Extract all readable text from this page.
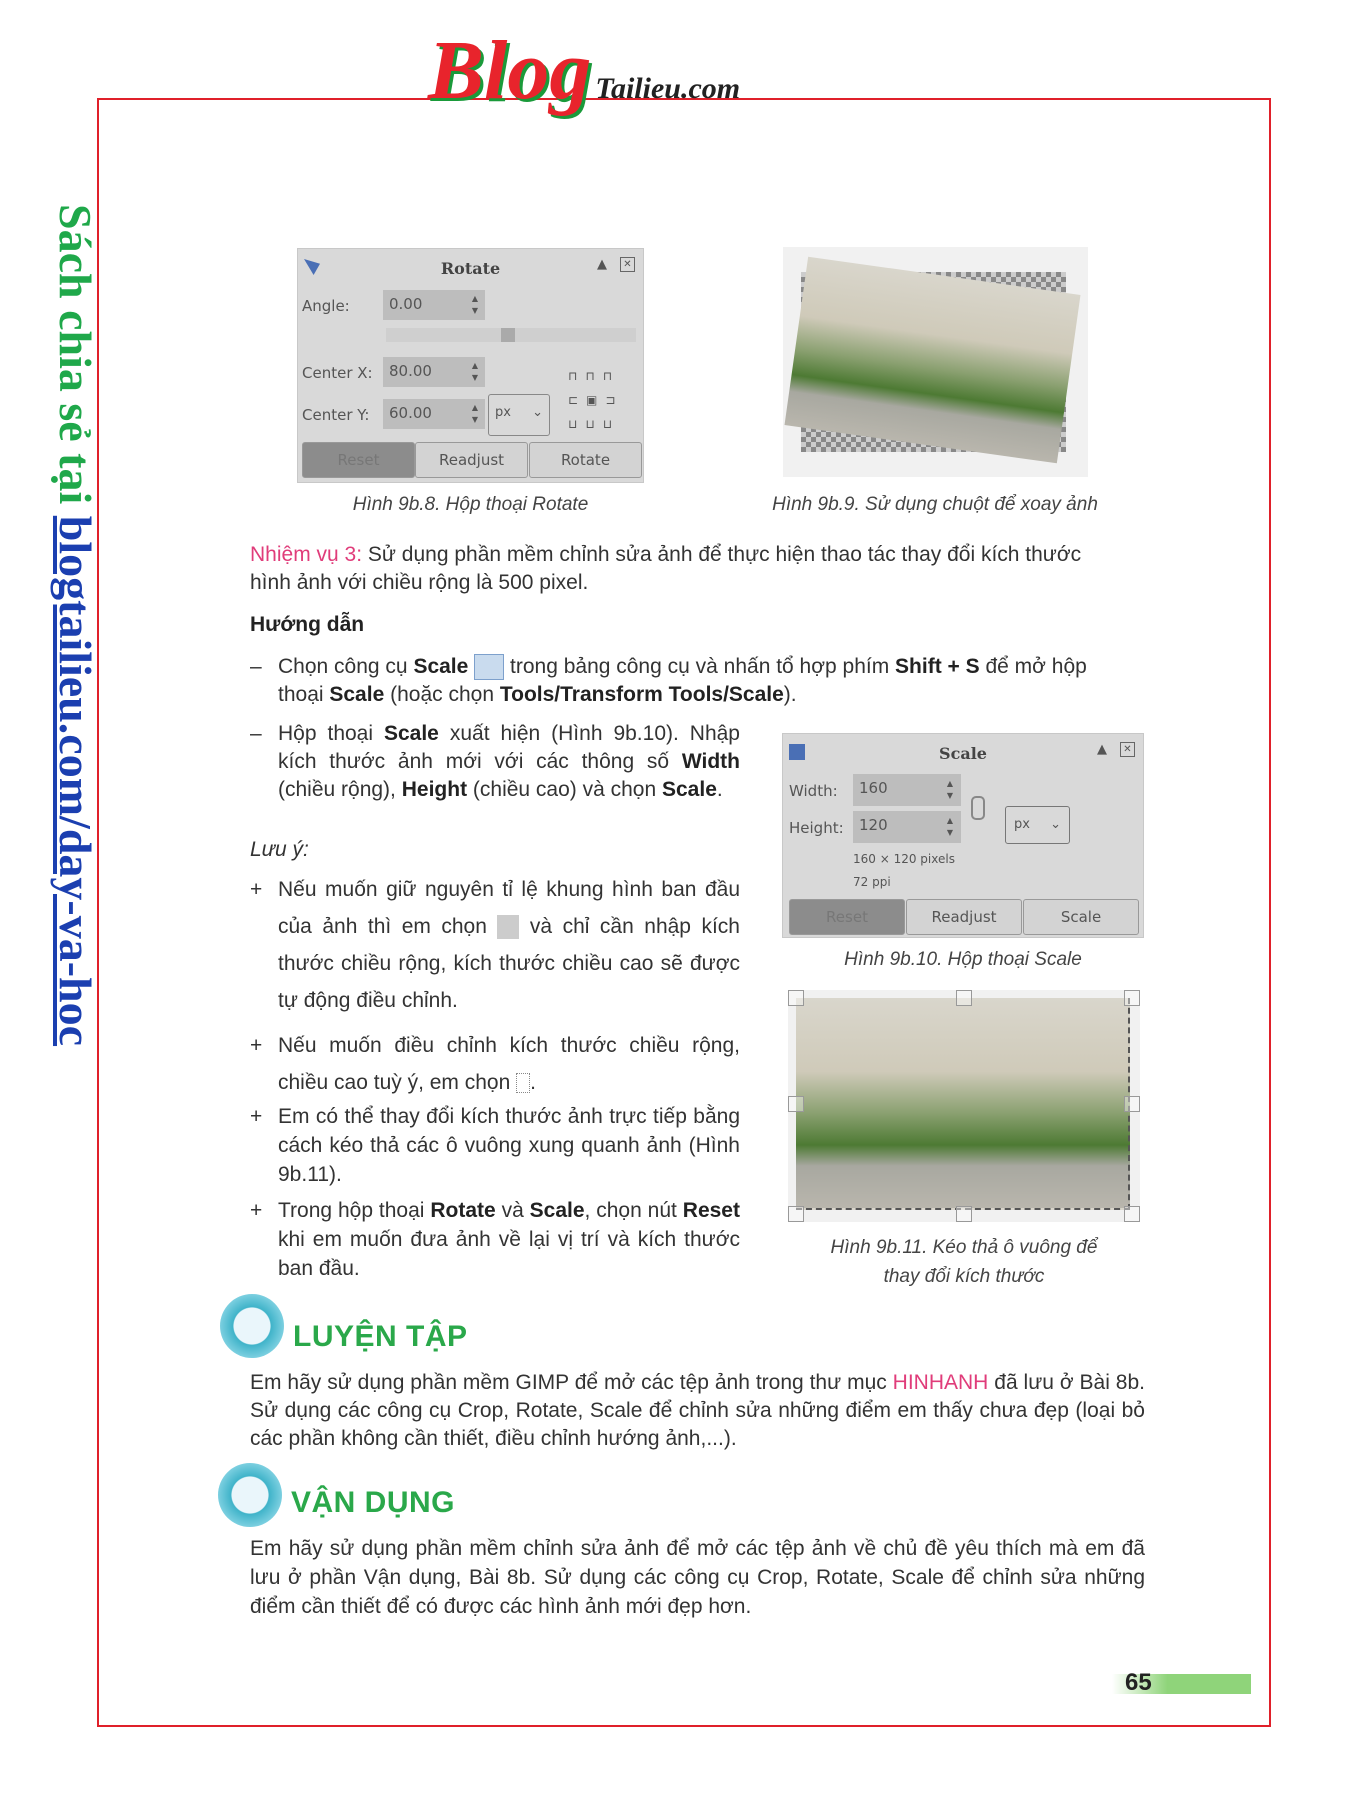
Blog Tailieu.com
Sách chia sẻ tại blogtailieu.com/day-va-hoc
Rotate	▲	✕
Angle:	0.00	▲
▼
Center X:	80.00	▲
▼
Center Y:	60.00	▲
▼	px ⌄
⊓⊓⊓
⊏▣⊐
⊔⊔⊔
Reset	Readjust	Rotate
Hình 9b.8. Hộp thoại Rotate	Hình 9b.9. Sử dụng chuột để xoay ảnh
Nhiệm vụ 3: Sử dụng phần mềm chỉnh sửa ảnh để thực hiện thao tác thay đổi kích thước
hình ảnh với chiều rộng là 500 pixel.
Hướng dẫn
– Chọn công cụ Scale  trong bảng công cụ và nhấn tổ hợp phím Shift + S để mở hộp
thoại Scale (hoặc chọn Tools/Transform Tools/Scale).
– Hộp thoại Scale xuất hiện (Hình 9b.10). Nhập kích thước ảnh mới với các thông số Width (chiều rộng), Height (chiều cao) và chọn Scale.
Lưu ý:
+ Nếu muốn giữ nguyên tỉ lệ khung hình ban đầu của ảnh thì em chọn  và chỉ cần nhập kích thước chiều rộng, kích thước chiều cao sẽ được tự động điều chỉnh.
+ Nếu muốn điều chỉnh kích thước chiều rộng, chiều cao tuỳ ý, em chọn .
+ Em có thể thay đổi kích thước ảnh trực tiếp bằng cách kéo thả các ô vuông xung quanh ảnh (Hình 9b.11).
+ Trong hộp thoại Rotate và Scale, chọn nút Reset khi em muốn đưa ảnh về lại vị trí và kích thước ban đầu.
Scale	▲	✕
Width:	160	▲
▼
Height:	120	▲
▼
px ⌄
160 × 120 pixels
72 ppi
Reset	Readjust	Scale
Hình 9b.10. Hộp thoại Scale
Hình 9b.11. Kéo thả ô vuông để
thay đổi kích thước
LUYỆN TẬP
Em hãy sử dụng phần mềm GIMP để mở các tệp ảnh trong thư mục HINHANH đã lưu ở Bài 8b. Sử dụng các công cụ Crop, Rotate, Scale để chỉnh sửa những điểm em thấy chưa đẹp (loại bỏ các phần không cần thiết, điều chỉnh hướng ảnh,...).
VẬN DỤNG
Em hãy sử dụng phần mềm chỉnh sửa ảnh để mở các tệp ảnh về chủ đề yêu thích mà em đã lưu ở phần Vận dụng, Bài 8b. Sử dụng các công cụ Crop, Rotate, Scale để chỉnh sửa những điểm cần thiết để có được các hình ảnh mới đẹp hơn.
65
